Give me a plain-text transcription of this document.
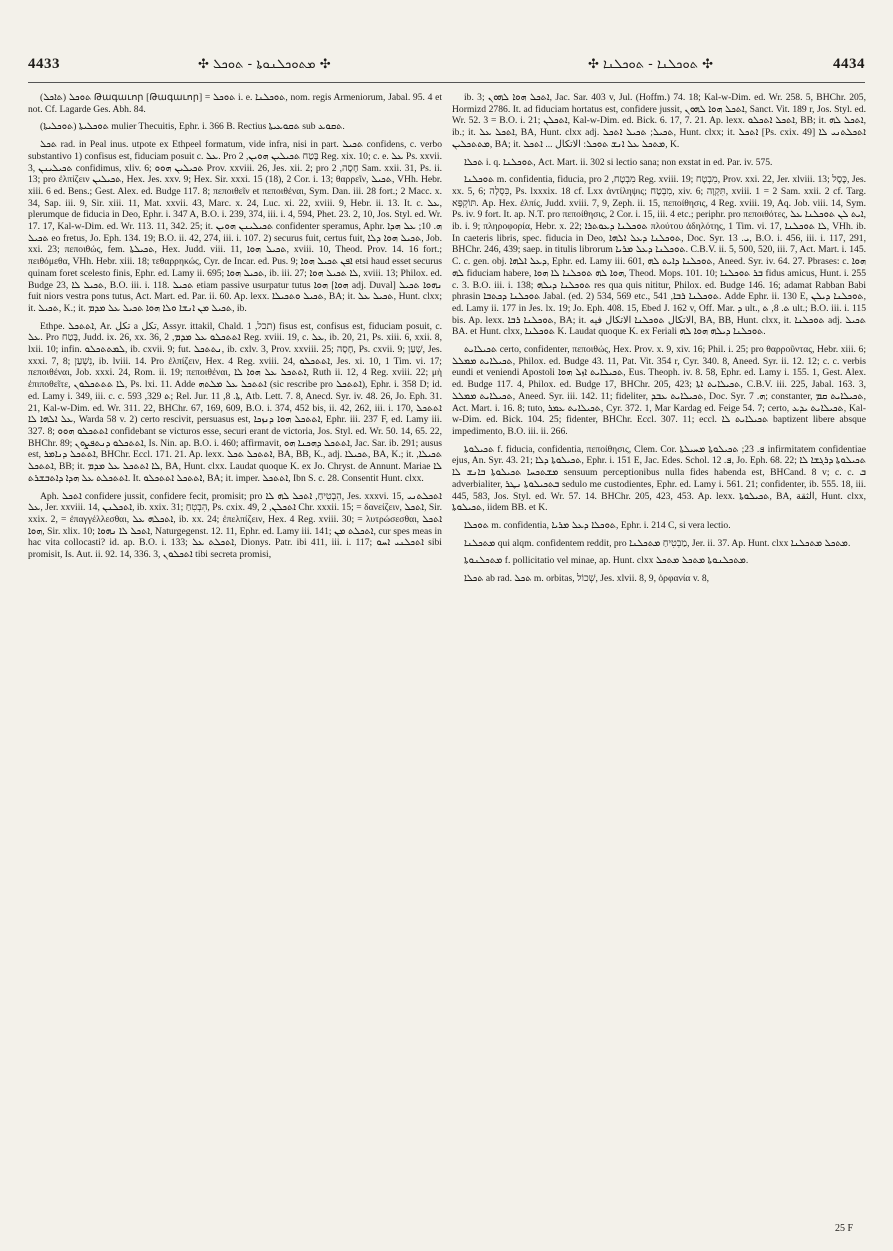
4433	✣ ܡܬܘܟܠܢܘܬܐ - ܬܘܟܠ ✣	✣ ܬܘܟܠܢܐ - ܬܘܟܠܢܐ ✣	4434

ܬܘܟܠ (ܬܐܟܠ) Թագաւոր [Թագաւոր] = ܬܘܟܠ i. e. ܬܘܟܠܢܐ, nom. regis Armeniorum, Jabal. 95. 4 et not. Cf. Lagarde Ges. Abh. 84.

ܬܘܟܠܝܬܐ (ܬܘܟܠܝܬܐ) mulier Thecuitis, Ephr. i. 366 B. Rectius ܬܩܘܥܝܬܐ sub ܬܩܘܥ.

ܬܟܠ rad. in Peal inus. utpote ex Ethpeel formatum, vide infra, nisi in part. ܬܟܝܠ confidens, c. verbo substantivo 1) confisus est, fiduciam posuit c. ܥܠ. Pro בָּטַח ܬܟܝܠܝܢ ܗܘܝܢ, 2 Reg. xix. 10; c. e. ܥܠ Ps. xxvii. 3, ܬܟܝܠܝܢܢ confidimus, xliv. 6; ܬܟܝܠܝܢ ܗܘܘ Prov. xxviii. 26, Jes. xii. 2; pro חָסָה, 2 Sam. xxii. 31, Ps. ii. 13; pro ἐλπίζειν ܬܟܝܠܝܢ, Hex. Jes. xxv. 9; Hex. Sir. xxxi. 15 (18), 2 Cor. i. 13; θαρρεῖν, ܬܟܝܠ, VHh. Hebr. xiii. 6 ed. Bens.; Gest. Alex. ed. Budge 117. 8; πεποιθεῖν et πεποιθέναι, Sym. Dan. iii. 28 fort.; 2 Macc. x. 34, Sap. iii. 9, Sir. xiii. 11, Mat. xxvii. 43, Marc. x. 24, Luc. xi. 22, xviii. 9, Hebr. ii. 13. It. c. ܥܠ, plerumque de fiducia in Deo, Ephr. i. 347 A, B.O. i. 239, 374, iii. i. 4, 594, Phet. 23. 2, 10, Jos. Styl. ed. Wr. 17. 17, Kal-w-Dim. ed. Wr. 113. 11, 342. 25; it. ܬܟܝܠܝܢܢ ܗܘܝܢ confidenter speramus, Aphr. ܗ. 10; ܥܠ ܗܕܐ ܬܟܝܠ eo fretus, Jo. Eph. 134. 19; B.O. ii. 42, 274, iii. i. 107. 2) securus fuit, certus fuit, ܬܟܝܠ ܗܘܐ ܕܠܐ, Job. xxi. 23; πεποιθώς, fem. ܬܟܝܠܬܐ, Hex. Judd. viii. 11, ܬܟܝܠ ܗܘܐ, xviii. 10, Theod. Prov. 14. 16 fort.; πειθόμεθα, VHh. Hebr. xiii. 18; τεθαρρηκώς, Cyr. de Incar. ed. Pus. 9; ܐܦܢ ܬܟܝܠ ܗܘܐ etsi haud esset securus quinam foret scelesto finis, Ephr. ed. Lamy ii. 695; ܬܟܝܠ ܗܘܐ, ib. iii. 27; ܠܐ ܬܟܝܠ ܗܘܐ, xviii. 13; Philox. ed. Budge 23, ܬܟܝܠ ܠܐ, B.O. iii. i. 118. ܬܟܝܠ etiam passive usurpatur tutus ܗܘܐ [ܗܘܐ adj. Duval] ܢܗܘܐ ܬܟܝܠ fuit niors vestra pons tutus, Act. Mart. ed. Par. ii. 60. Ap. lexx. ܬܟܝܠ ܘܬܟܝܠܐ, BA; it. ܬܟܝܠ ܥܠ, Hunt. clxx; it. ܬܟܝܠ, K.; it. ܬܟܝܠ ܡܢ ܐܢܫܐ ܘܠܐ ܗܘܐ ܬܟܝܠ ܥܠ ܡܕܡ, ib.

Ethpe. ܐܬܬܟܠ, Ar. تكل a تكل, Assyr. ittakil, Chald. תכל, 1) fisus est, confisus est, fiduciam posuit, c. ܥܠ. Pro בָּטַח, Judd. ix. 26, xx. 36, ܐܬܬܟܠܘ ܥܠ ܡܕܡ, 2 Reg. xviii. 19, c. ܥܠ, ib. 20, 21, Ps. xiii. 6, xxii. 8, lxii. 10; infin. ܠܡܬܬܟܠܘ, ib. cxvii. 9; fut. ܢܬܬܟܠ, ib. cxlv. 3, Prov. xxviii. 25; חָסָה, Ps. cxvii. 9; שָׁעַן, Jes. xxxi. 7, 8; נִשְׁעַן, ib. lviii. 14. Pro ἐλπίζειν, Hex. 4 Reg. xviii. 24, ܐܬܬܟܠܘ, Jes. xi. 10, 1 Tim. vi. 17; πεποιθέναι, Job. xxxi. 24, Rom. ii. 19; πεποιθέναι, ܐܬܬܟܠ ܥܠ ܗܘܐ ܠܐ, Ruth ii. 12, 4 Reg. xviii. 22; μὴ ἐπιποθεῖτε, ܠܐ ܬܬܬܟܠܘܢ, Ps. lxi. 11. Adde ܐܬܬܟܠ ܥܠ ܡܠܬܗ (sic rescribe pro ܐܬܬܟܠ), Ephr. i. 358 D; id. ed. Lamy i. 349, iii. c. c. ܬ 329, 593; Rel. Jur. ܬܐ. 8, 11, Atb. Lett. 7. 8, Anecd. Syr. iv. 48. 26, Jo. Eph. 31. 21, Kal-w-Dim. ed. Wr. 311. 22, BHChr. 67, 169, 609, B.O. i. 374, 452 bis, ii. 42, 262, iii. i. 170, ܐܬܬܟܠ ܥܠ ܐܠܗܐ ܠܐ, Warda 58 v. 2) certo rescivit, persuasus est, ܐܬܬܟܠ ܗܘܐ ܕܢܙܟܐ, Ephr. iii. 237 F, ed. Lamy iii. 327. 8; ܐܬܬܟܠܘ ܗܘܘ confidebant se victuros esse, securi erant de victoria, Jos. Styl. ed. Wr. 50. 14, 65. 22, BHChr. 89; ܐܬܬܟܠܘ ܕܢܬܦܨܘܢ, Is. Nin. ap. B.O. i. 460; affirmavit, ܐܬܬܟܠ ܕܗܟܢܐ ܗܘ, Jac. Sar. ib. 291; ausus est, ܐܬܬܟܠ ܕܢܐܡܪ, BHChr. Eccl. 171. 21. Ap. lexx. ܐܬܬܟܠ ܬܟܠ, BA, BB, K., adj. ܬܟܝܠܐ, BA, K.; it. ܬܟܝܠܐ, ܐܬܬܟܠ, BB; it. ܠܐ ܐܬܬܟܠ ܥܠ ܡܕܡ, BA, Hunt. clxx. Laudat quoque K. ex Jo. Chryst. de Annunt. Mariae ܠܐ ܐܬܬܟܠܬ ܥܠ ܗܕܐ ܕܐܬܒܫܪܬ. It. ܐܬܬܟܠ ܐܬܬܟܠܘ, BA; it. imper. ܐܬܬܟܠ, Ibn S. c. 28. Consentit Hunt. clxx.

Aph. ܐܬܟܠ confidere jussit, confidere fecit, promisit; pro הִבְטִיחַ, ܐܬܟܠ ܠܗ ܠܐ, Jes. xxxvi. 15, ܐܬܟܠܬܢܝ ܥܠ, Jer. xxviii. 14, ܐܬܟܠܢܢ, ib. xxix. 31; הִבְטִחַ, Ps. cxix. 49, ܐܬܟܠܢ, 2 Chr. xxxii. 15; = δανείζειν, ܐܬܟܠ, Sir. xxix. 2, = ἐπαγγέλλεσθαι, ܐܬܟܠܗ ܥܠ, ib. xx. 24; ἐπελπίζειν, Hex. 4 Reg. xviii. 30; = λυτρώσεσθαι, ܐܬܟܠ ܗܘܐ, Sir. xlix. 10; ܐܬܟܠ ܠܐ ܢܗܘܐ, Naturgegenst. 12. 11, Ephr. ed. Lamy iii. 141; ܐܬܟܠܬ ܡܢ, cur spes meas in hac vita collocasti? id. ap. B.O. i. 133; ܐܬܟܠܬ ܥܠ, Dionys. Patr. ibi 411, iii. i. 117; ܐܬܟܠܢܝ ܐܚܘ sibi promisit, Is. Aut. ii. 92. 14, 336. 3, ܐܬܟܠܘܢ tibi secreta promisi,

ib. 3; ܐܬܟܠ ܗܘܐ ܠܗܘܢ, Jac. Sar. 403 v, Jul. (Hoffm.) 74. 18; Kal-w-Dim. ed. Wr. 258. 5, BHChr. 205, Hormizd 2786. It. ad fiduciam hortatus est, confidere jussit, ܐܬܟܠ ܗܘܐ ܠܗܘܢ, Sanct. Vit. 189 r, Jos. Styl. ed. Wr. 52. 3 = B.O. i. 21; ܐܬܟܠܢ, Kal-w-Dim. ed. Bick. 6. 17, 7. 21. Ap. lexx. ܐܬܟܠ ܐܬܟܠܘ, BB; it. ܐܬܟܠ ܠܗ, ib.; it. ܐܬܟܠ ܥܠ, BA, Hunt. clxx adj. ܬܟܝܠ; ܬܟܝܠ ܐܬܟܠ, Hunt. clxx; it. ܐܬܟܠ [Ps. cxix. 49] ܐܬܟܠܬܢܝ ܠܐ ܡܬܬܟܠܝܢ, BA; it. ܡܬܟܠ ܥܠ ܐܢܫ ܬܘܟܠ: الاتكال ... ܐܬܟܠ, K.

ܬܟܠܐ i. q. ܬܘܟܠܢܐ, Act. Mart. ii. 302 si lectio sana; non exstat in ed. Par. iv. 575.

ܬܘܟܠܢܐ m. confidentia, fiducia, pro מִבְטָח, 2 Reg. xviii. 19; מִבְטָח, Prov. xxi. 22, Jer. xlviii. 13; כֶּסֶל, Jes. xx. 5, 6; כִּסְלָה, Ps. lxxxix. 18 cf. Lxx ἀντίληψις; מִבְטָח, xiv. 6; תִּקְוָה, xviii. 1 = 2 Sam. xxii. 2 cf. Targ. תּוֹקְפָּא. Ap. Hex. ἐλπίς, Judd. xviii. 7, 9, Zeph. ii. 15, πεποίθησις, 4 Reg. xviii. 19, Aq. Job. viii. 14, Sym. Ps. iv. 9 fort. It. ap. N.T. pro πεποίθησις, 2 Cor. i. 15, iii. 4 etc.; periphr. pro πεποιθότες, ܐܝܬ ܠܢ ܬܘܟܠܢܐ ܥܠ, ib. i. 9; πληροφορία, Hebr. x. 22; ܬܘܟܠܢܐ ܕܥܘܬܪܐ πλούτου ἀδηλότης, 1 Tim. vi. 17, ܠܐ ܬܘܟܠܢܐ, VHh. ib. In caeteris libris, spec. fiducia in Deo, ܬܘܟܠܢܐ ܕܥܠ ܐܠܗܐ, Doc. Syr. ܝ. 13, B.O. i. 456, iii. i. 117, 291, BHChr. 246, 439; saep. in titulis librorum ܬܘܟܠܢܐ ܕܥܠ ܡܪܝܐ. C.B.V. ii. 5, 500, 520, iii. 7, Act. Mart. i. 145. C. c. gen. obj. ܕܥܠ ܐܠܗܐ, Ephr. ed. Lamy iii. 601, ܬܘܟܠܢܐ ܕܐܝܬ ܠܗ, Aneed. Syr. iv. 64. 27. Pbrases: c. ܗܘܐ ܠܗ fiduciam habere, ܗܘܐ ܠܗ ܬܘܟܠܢܐ ܠܐ ܗܘܐ, Theod. Mops. 101. 10; ܒܪ ܬܘܟܠܢܐ fidus amicus, Hunt. i. 255 c. 3. B.O. iii. i. 138; ܬܘܟܠܢܐ ܕܝܠܗ res qua quis nititur, Philox. ed. Budge 146. 16; adamat Rabban Babi phrasin ܬܘܟܠܢܐ ܕܟܬܒܐ Jabal. (ed. 2) 534, 569 etc., ܬܘܟܠܢܐ ܪܒܐ, 541. Adde Ephr. ii. 130 E, ܬܘܟܠܢܐ ܕܝܠܢ, ed. Lamy ii. 177 in Jes. lx. 19; Jo. Eph. 408. 15, Ebed J. 162 v, Off. Mar. ܕ ult., ܬ. 8, ܬ ult.; B.O. iii. i. 115 bis. Ap. lexx. ܬܘܟܠܢܐ ܪܒܐ, BA; it. الاتكال ܬܘܟܠܢܐ الاتكال فيه, BA, BB, Hunt. clxx, it. ܬܘܟܠܢܐ adj. ܬܟܝܠ BA. et Hunt. clxx, ܬܘܟܠܢܐ K. Laudat quoque K. ex Feriali ܬܘܟܠܢܐ ܕܝܠܗ ܗܘܐ ܠܗ.

ܬܟܝܠܐܝܬ certo, confidenter, πεποιθώς, Hex. Prov. x. 9, xiv. 16; Phil. i. 25; pro θαρροῦντας, Hebr. xiii. 6; ܬܟܝܠܐܝܬ ܡܡܠܠ, Philox. ed. Budge 43. 11, Pat. Vit. 354 r, Cyr. 340. 8, Aneed. Syr. ii. 12. 12; c. c. verbis eundi et veniendi Apostoli ܬܟܝܠܐܝܬ ܐܙܠ ܗܘܐ, Eus. Theoph. iv. 8. 58, Ephr. ed. Lamy i. 155. 1, Gest. Alex. ed. Budge 117. 4, Philox. ed. Budge 17, BHChr. 205, 423; ܬܟܝܠܐܝܬ ܐܬܐ, C.B.V. iii. 225, Jabal. 163. 3, ܬܟܝܠܐܝܬ ܡܡܠܠ, Aneed. Syr. iii. 142. 11; fideliter, ܬܟܝܠܐܝܬ ܥܒܕ, Doc. Syr. ܗ. 7; constanter, ܬܟܝܠܐܝܬ ܩܡ, Act. Mart. i. 16. 8; tuto, ܬܟܝܠܐܝܬ ܥܡܪ, Cyr. 372. 1, Mar Kardag ed. Feige 54. 7; certo, ܬܟܝܠܐܝܬ ܝܕܥ, Kal-w-Dim. ed. Bick. 104. 25; fidenter, BHChr. Eccl. 307. 11; eccl. ܬܟܝܠܐܝܬ ܠܐ baptizent libere absque impedimento, B.O. iii. ii. 266.

ܬܟܝܠܘܬܐ f. fiducia, confidentia, πεποίθησις, Clem. Cor. ܦ. 23; ܬܟܝܠܘܬܐ ܡܚܝܠܬܐ infirmitatem confidentiae ejus, An. Syr. 43. 21; ܬܟܝܠܘܬܐ ܕܠܐ, Ephr. i. 151 E, Jac. Edes. Schol. ܦ. 12, Jo. Eph. 68. 22; ܬܟܝܠܘܬܐ ܕܪܓܫܐ ܠܐ ܡܫܬܟܚܐ ܬܟܝܠܘܬܐ ܒܐܢܫ ܠܐ sensuum perceptionibus nulla fides habenda est, BHCand. 8 v; c. c. ܒ adverbialiter, ܒܬܟܝܠܘܬܐ ܢܛܪ sedulo me custodientes, Ephr. ed. Lamy i. 561. 21; confidenter, ib. 555. 18, iii. 445, 583, Jos. Styl. ed. Wr. 57. 14. BHChr. 205, 423, 453. Ap. lexx. ܬܟܝܠܘܬܐ, BA, الثقة, Hunt. clxx, ܬܟܝܠܘܬܐ, iidem BB. et K.

ܬܘܟܠܐ m. confidentia, ܬܘܟܠܐ ܕܥܠ ܡܪܝܐ, Ephr. i. 214 C, si vera lectio.

ܡܬܟܠܢܐ qui alqm. confidentem reddit, pro מַבְטִיחַ ܡܬܟܠܢܐ, Jer. ii. 37. Ap. Hunt. clxx ܡܬܟܠ ܡܬܟܠܢܐ.

ܡܬܟܠܢܘܬܐ f. pollicitatio vel minae, ap. Hunt. clxx ܡܬܟܠܢܘܬܐ ܡܬܟܠ ܡܬܟܠ.

ܬܟܠܐ ab rad. ܬܟܠ m. orbitas, שְׁכוֹל, Jes. xlvii. 8, 9, ὀρφανία v. 8,

25 F
